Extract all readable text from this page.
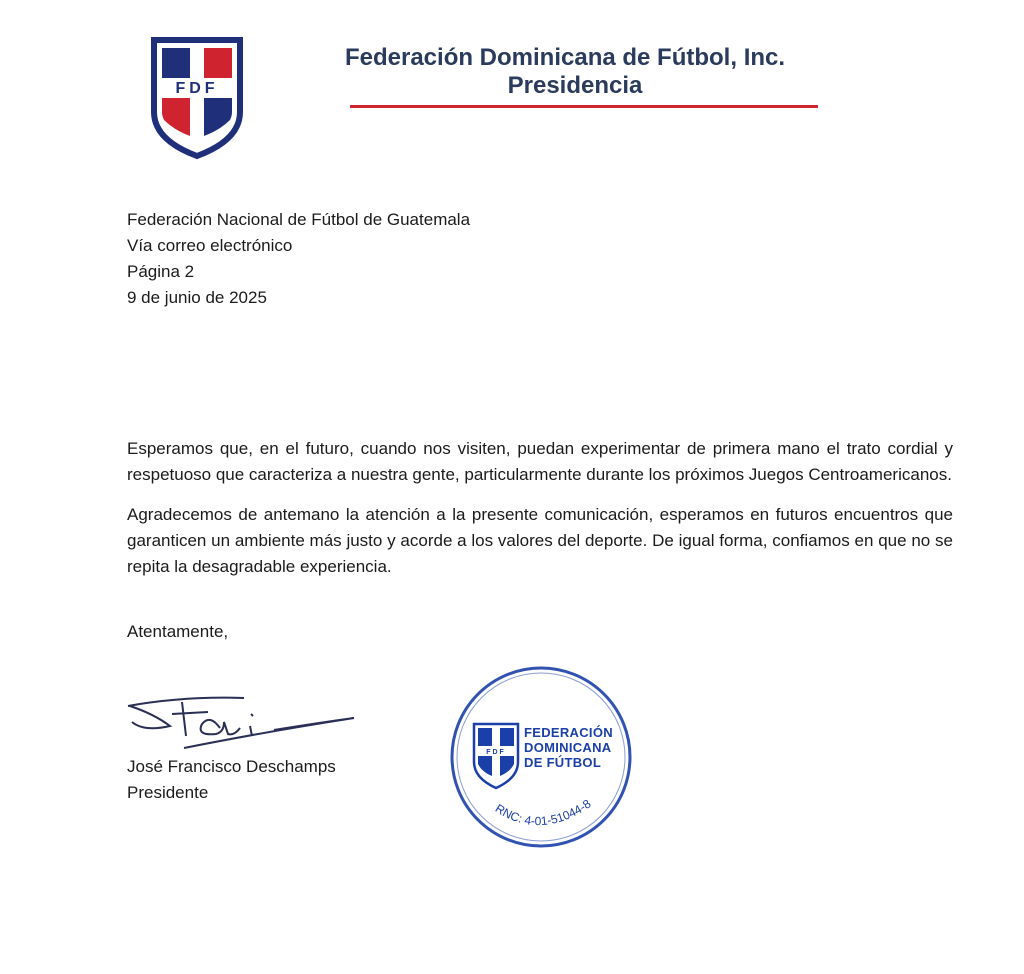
FDF
Federación Dominicana de Fútbol, Inc.
Presidencia
Federación Nacional de Fútbol de Guatemala
Vía correo electrónico
Página 2
9 de junio de 2025

Esperamos que, en el futuro, cuando nos visiten, puedan experimentar de primera mano el trato cordial y respetuoso que caracteriza a nuestra gente, particularmente durante los próximos Juegos Centroamericanos.

Agradecemos de antemano la atención a la presente comunicación, esperamos en futuros encuentros que garanticen un ambiente más justo y acorde a los valores del deporte. De igual forma, confiamos en que no se repita la desagradable experiencia.

Atentamente,
José Francisco Deschamps
Presidente
FDF
RNC: 4-01-51044-8
FEDERACIÓN
DOMINICANA
DE FÚTBOL
